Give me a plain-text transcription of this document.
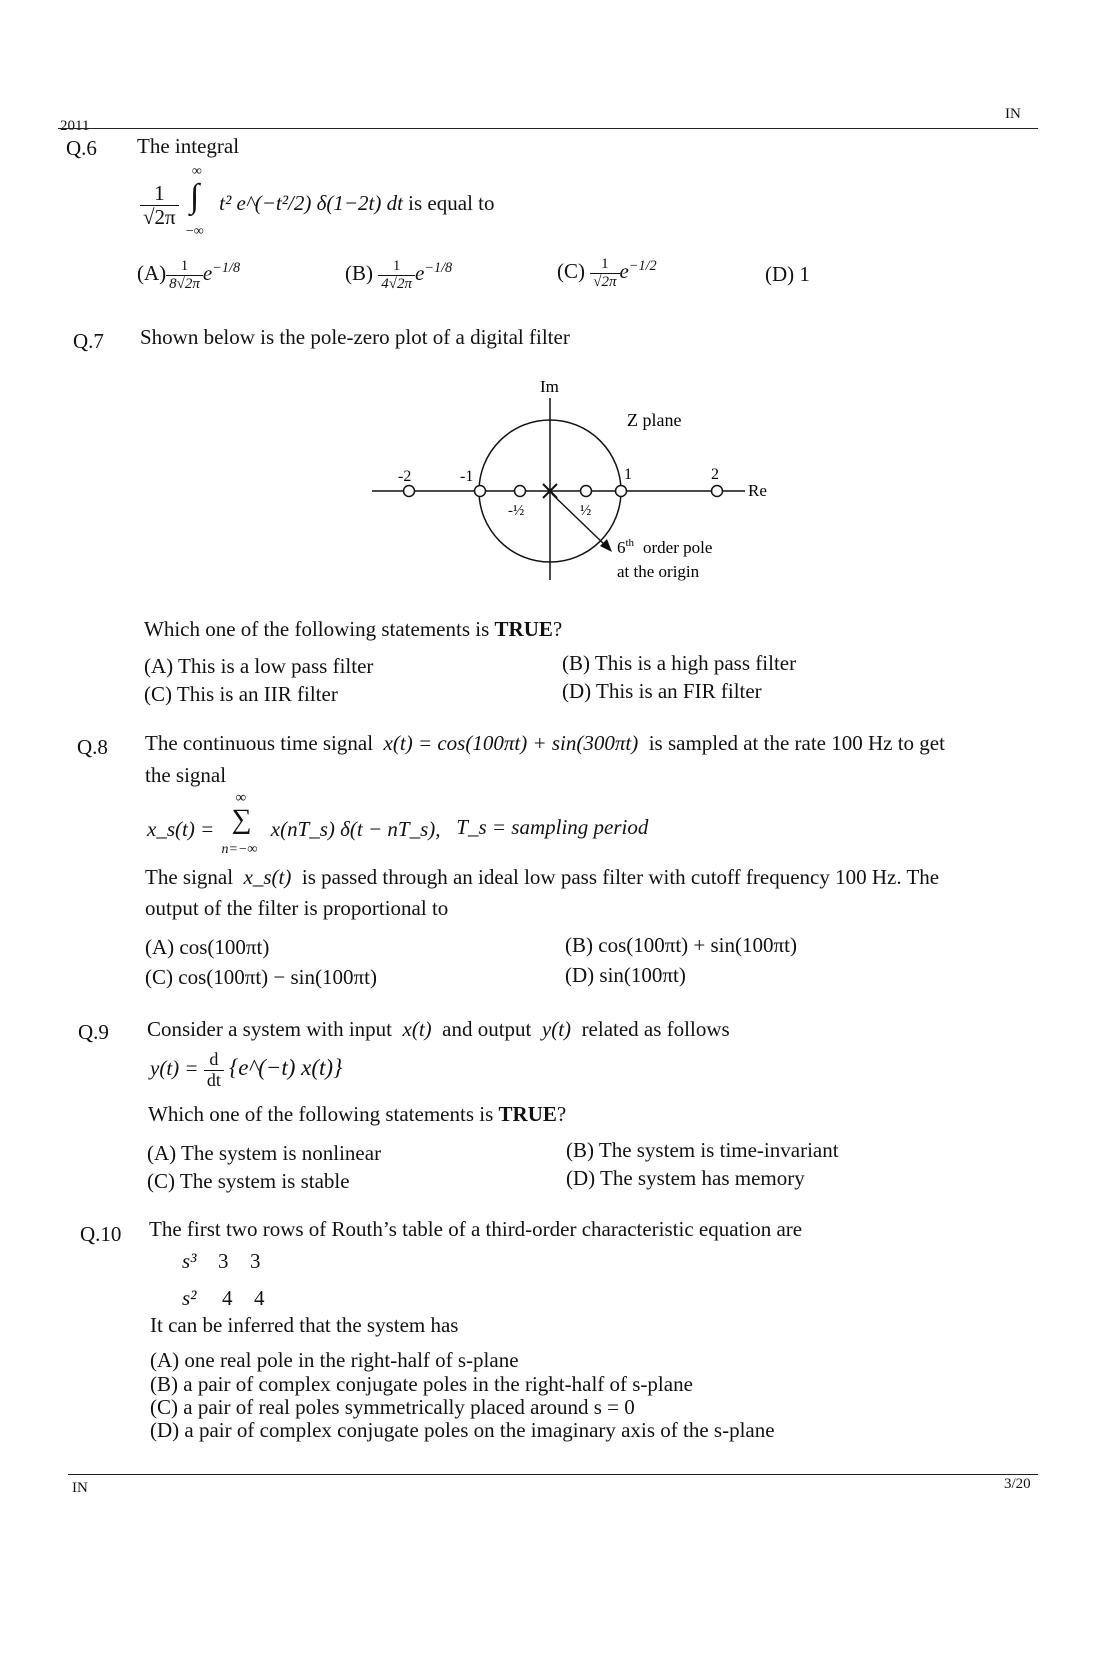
2011
IN
Q.6 The integral
$\frac{1}{√2\pi}$

∞
∫
−∞
t² e^(−t²/2) δ(1−2t) dt is equal to
$(A) \frac{1}{8√2\pi} e^{-1/8}$	$(B) \frac{1}{4√2\pi} e^{-1/8}$	$(C) \frac{1}{√2\pi} e^{-1/2}$	(D) 1
Q.7 Shown below is the pole-zero plot of a digital filter
Im
Re
Z plane
-2	-1
-½	½
1	2
6th order pole
at the origin
Which one of the following statements is TRUE?
(A) This is a low pass filter	(B) This is a high pass filter
(C) This is an IIR filter	(D) This is an FIR filter
Q.8 The continuous time signal x(t) = cos(100πt) + sin(300πt) is sampled at the rate 100 Hz to get
the signal
x_s(t) =
∞
∑
n=−∞
x(nT_s) δ(t − nT_s), T_s = sampling period
The signal x_s(t) is passed through an ideal low pass filter with cutoff frequency 100 Hz. The
output of the filter is proportional to
(A) cos(100πt)	(B) cos(100πt) + sin(100πt)
(C) cos(100πt) − sin(100πt)	(D) sin(100πt)
Q.9 Consider a system with input x(t) and output y(t) related as follows
$y(t) = \frac{d}{dt}$ {e^(−t) x(t)}
Which one of the following statements is TRUE?
(A) The system is nonlinear	(B) The system is time-invariant
(C) The system is stable	(D) The system has memory
Q.10 The first two rows of Routh’s table of a third-order characteristic equation are
s³ 3 3
s² 4 4
It can be inferred that the system has
(A) one real pole in the right-half of s-plane
(B) a pair of complex conjugate poles in the right-half of s-plane
(C) a pair of real poles symmetrically placed around s = 0
(D) a pair of complex conjugate poles on the imaginary axis of the s-plane
IN	3/20
